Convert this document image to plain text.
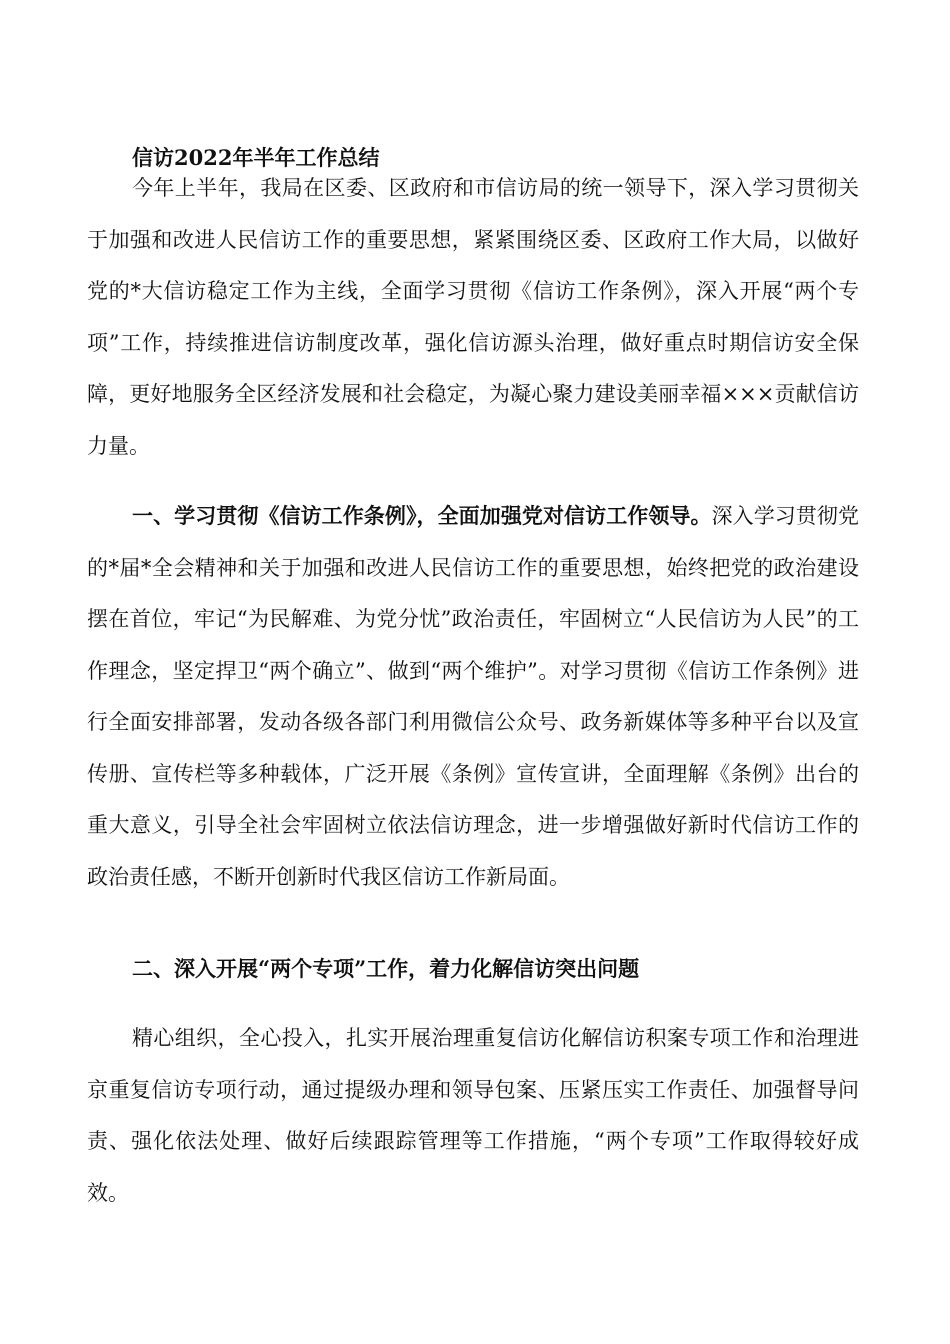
信访2022年半年工作总结

今年上半年，我局在区委、区政府和市信访局的统一领导下，深入学习贯彻关于加强和改进人民信访工作的重要思想，紧紧围绕区委、区政府工作大局，以做好党的*大信访稳定工作为主线，全面学习贯彻《信访工作条例》，深入开展“两个专项”工作，持续推进信访制度改革，强化信访源头治理，做好重点时期信访安全保障，更好地服务全区经济发展和社会稳定，为凝心聚力建设美丽幸福×××贡献信访力量。

一、学习贯彻《信访工作条例》，全面加强党对信访工作领导。深入学习贯彻党的*届*全会精神和关于加强和改进人民信访工作的重要思想，始终把党的政治建设摆在首位，牢记“为民解难、为党分忧”政治责任，牢固树立“人民信访为人民”的工作理念，坚定捍卫“两个确立”、做到“两个维护”。对学习贯彻《信访工作条例》进行全面安排部署，发动各级各部门利用微信公众号、政务新媒体等多种平台以及宣传册、宣传栏等多种载体，广泛开展《条例》宣传宣讲，全面理解《条例》出台的重大意义，引导全社会牢固树立依法信访理念，进一步增强做好新时代信访工作的政治责任感，不断开创新时代我区信访工作新局面。

二、深入开展“两个专项”工作，着力化解信访突出问题

精心组织，全心投入，扎实开展治理重复信访化解信访积案专项工作和治理进京重复信访专项行动，通过提级办理和领导包案、压紧压实工作责任、加强督导问责、强化依法处理、做好后续跟踪管理等工作措施，“两个专项”工作取得较好成效。
